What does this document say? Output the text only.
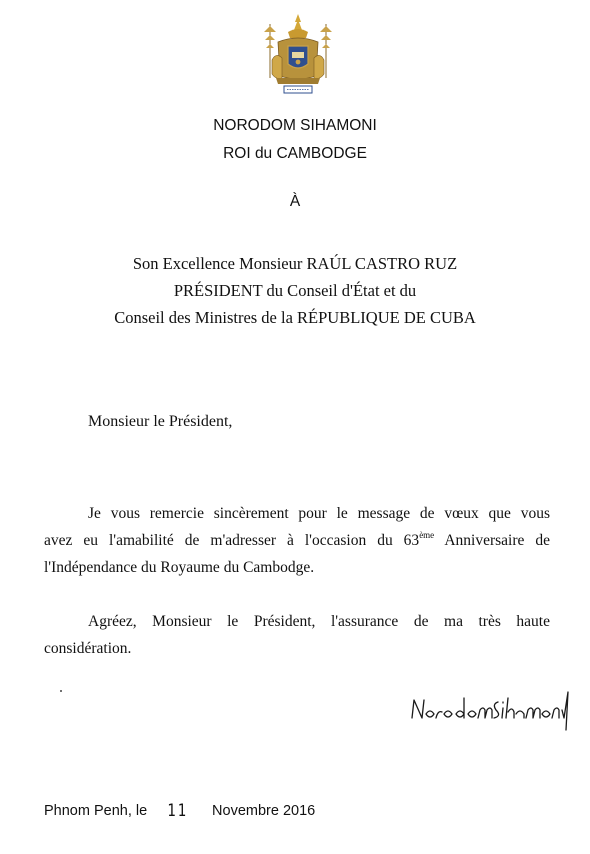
NORODOM SIHAMONI
ROI du CAMBODGE
À
Son Excellence Monsieur RAÚL CASTRO RUZ
PRÉSIDENT du Conseil d'État et du
Conseil des Ministres de la RÉPUBLIQUE DE CUBA
Monsieur le Président,
Je vous remercie sincèrement pour le message de vœux que vous
avez eu l'amabilité de m'adresser à l'occasion du 63ème Anniversaire de
l'Indépendance du Royaume du Cambodge.
Agréez, Monsieur le Président, l'assurance de ma très haute
considération.
Phnom Penh, le 11 Novembre 2016
